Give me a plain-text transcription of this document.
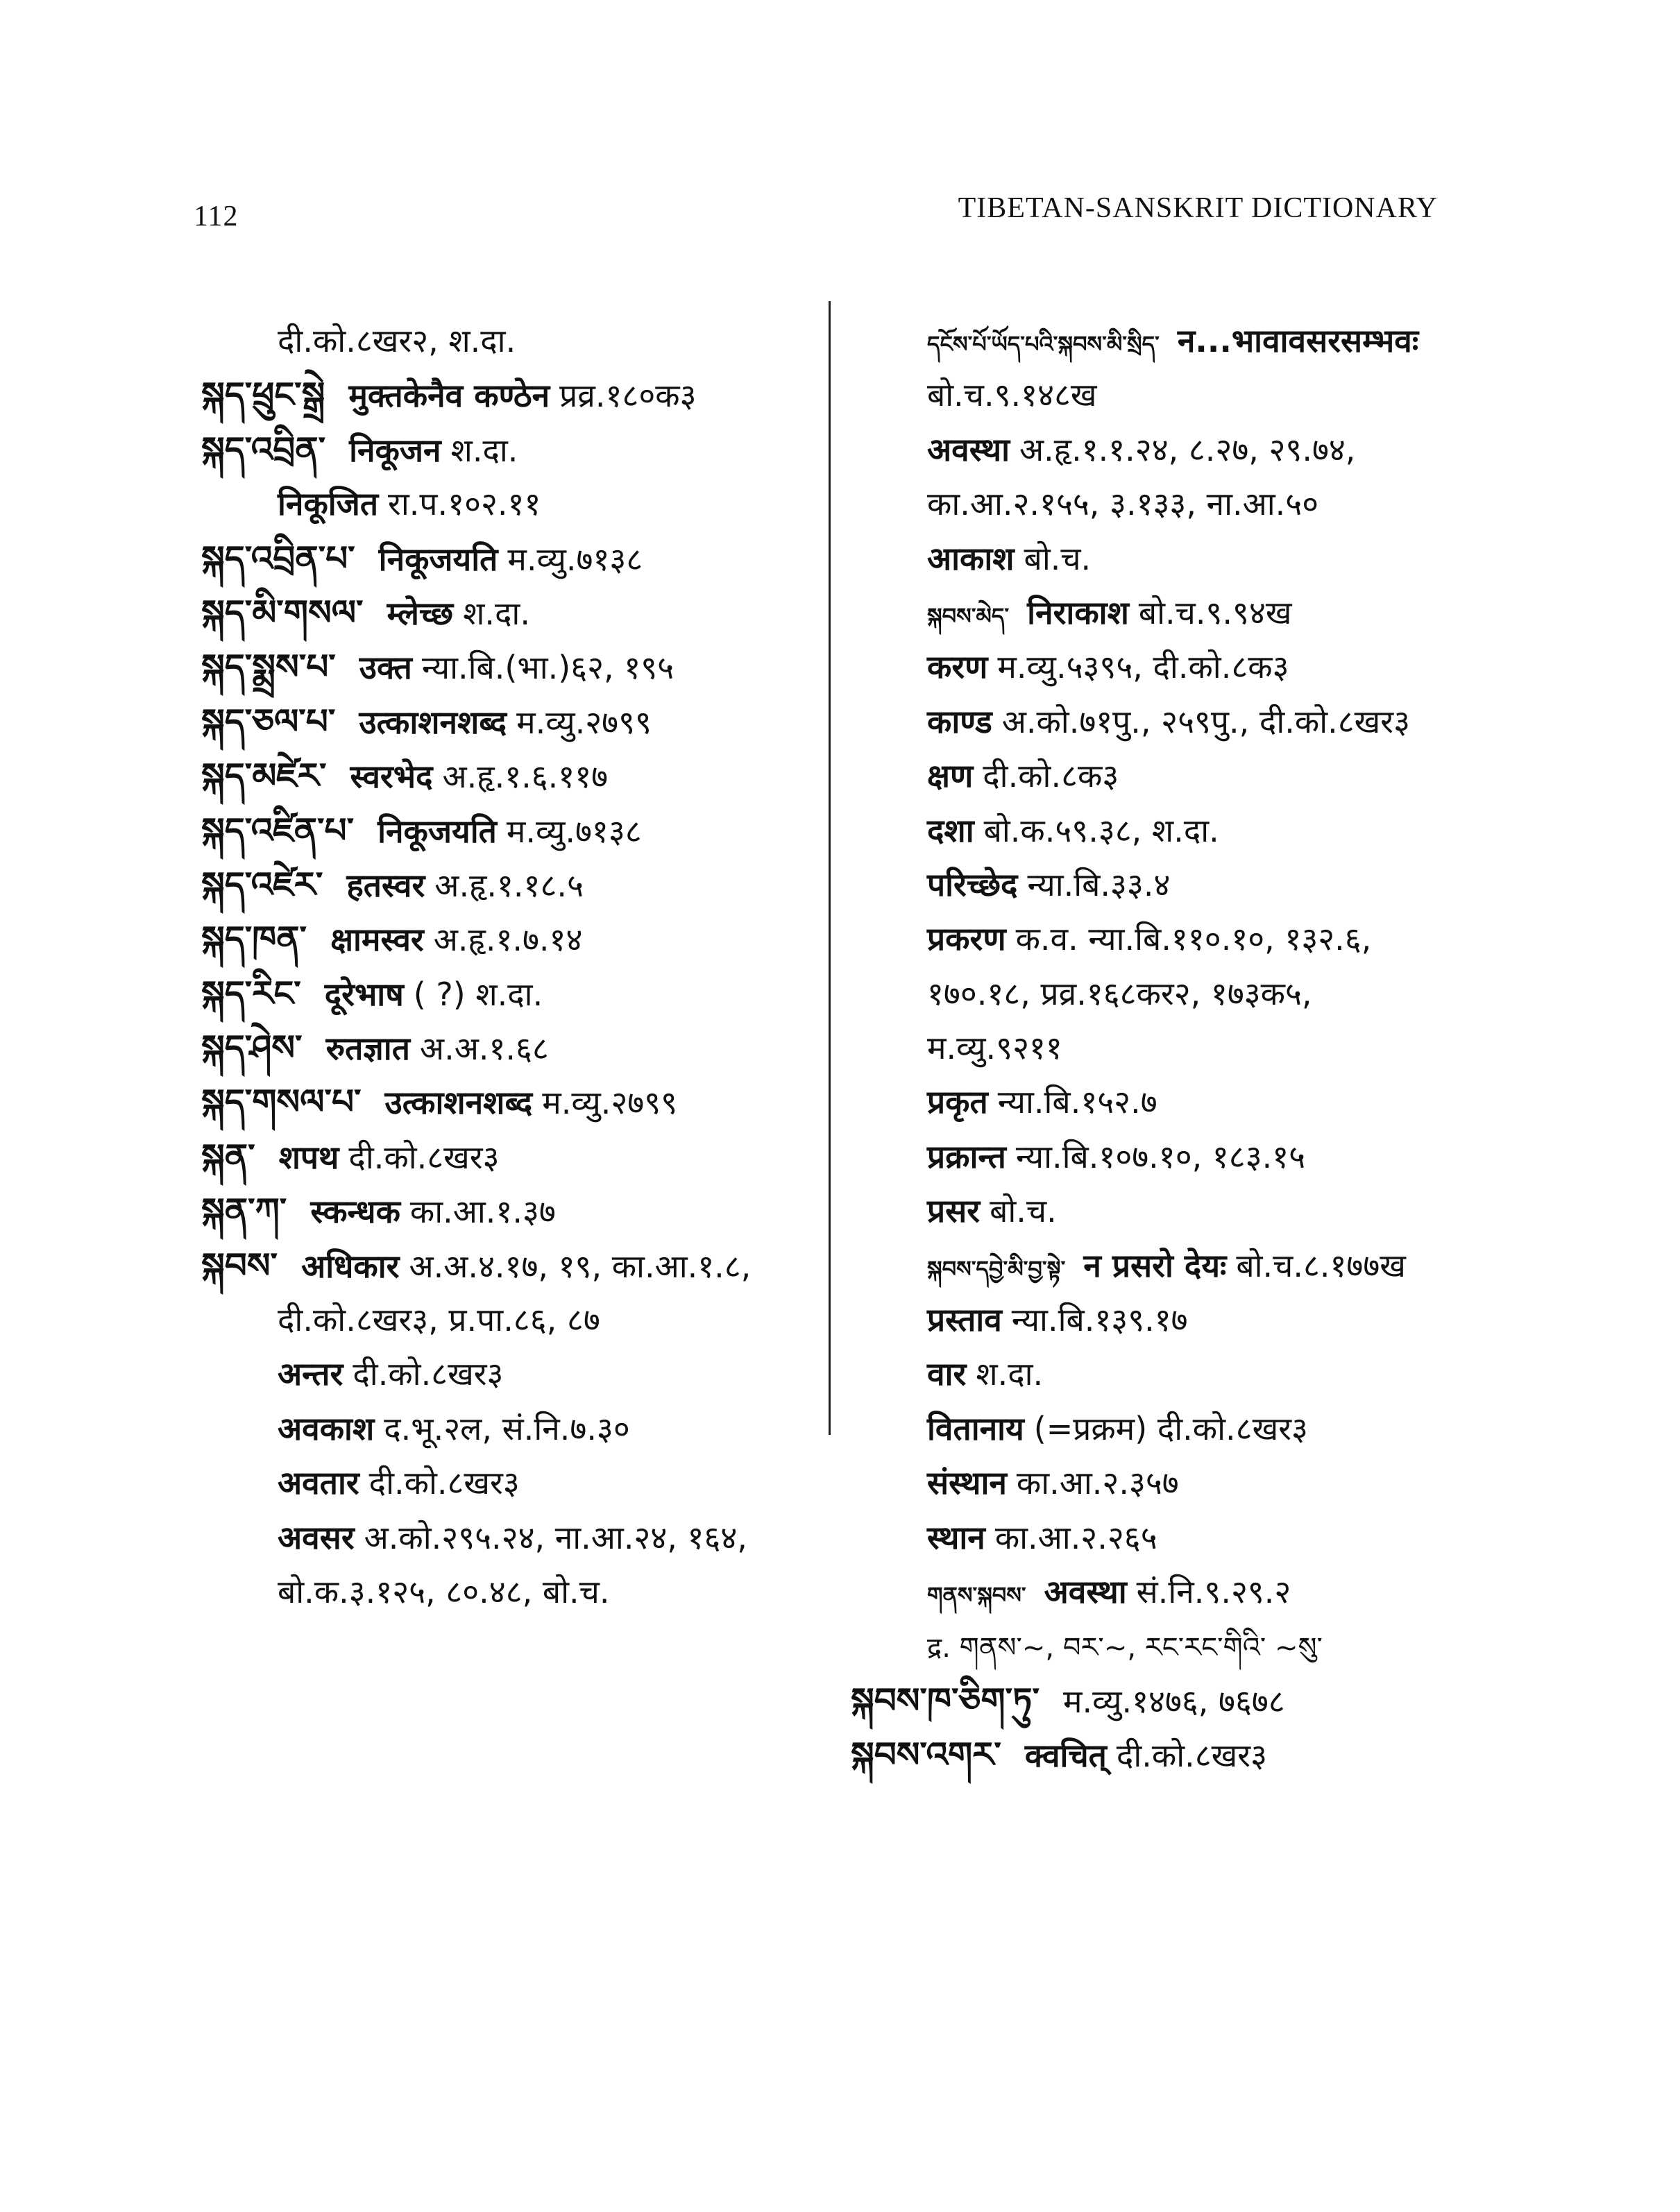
112	TIBETAN-SANSKRIT DICTIONARY
दी.को.८खर२, श.दा.
སྐད་ཕྲུང་སྒྲེ मुक्तकेनैव कण्ठेन प्रव्र.१८०क३
སྐད་འབྲིན་ निकूजन श.दा.
निकूजित रा.प.१०२.११
སྐད་འབྲིན་པ་ निकूजयति म.व्यु.७१३८
སྐད་མི་གསལ་ म्लेच्छ श.दा.
སྐད་སྨྲས་པ་ उक्त न्या.बि.(भा.)६२, १९५
སྐད་ཅལ་པ་ उत्काशनशब्द म.व्यु.२७९९
སྐད་མཛེར་ स्वरभेद अ.हृ.१.६.११७
སྐད་འཛིན་པ་ निकूजयति म.व्यु.७१३८
སྐད་འཛེར་ हतस्वर अ.हृ.१.१८.५
སྐད་ཁན་ क्षामस्वर अ.हृ.१.७.१४
སྐད་རིང་ दूरेभाष ( ?) श.दा.
སྐད་ཤེས་ रुतज्ञात अ.अ.१.६८
སྐད་གསལ་པ་ उत्काशनशब्द म.व्यु.२७९९
སྐན་ शपथ दी.को.८खर३
སྐན་ཀ་ स्कन्धक का.आ.१.३७
སྐབས་ अधिकार अ.अ.४.१७, १९, का.आ.१.८,
दी.को.८खर३, प्र.पा.८६, ८७
अन्तर दी.को.८खर३
अवकाश द.भू.२ल, सं.नि.७.३०
अवतार दी.को.८खर३
अवसर अ.को.२९५.२४, ना.आ.२४, १६४,
बो.क.३.१२५, ८०.४८, बो.च.
དངོས་པོ་ཡོད་པའི་སྐབས་མི་སྲིད་ न...भावावसरसम्भवः
बो.च.९.१४८ख
अवस्था अ.हृ.१.१.२४, ८.२७, २९.७४,
का.आ.२.१५५, ३.१३३, ना.आ.५०
आकाश बो.च.
སྐབས་མེད་ निराकाश बो.च.९.९४ख
करण म.व्यु.५३९५, दी.को.८क३
काण्ड अ.को.७१पु., २५९पु., दी.को.८खर३
क्षण दी.को.८क३
दशा बो.क.५९.३८, श.दा.
परिच्छेद न्या.बि.३३.४
प्रकरण क.व. न्या.बि.११०.१०, १३२.६,
१७०.१८, प्रव्र.१६८कर२, १७३क५,
म.व्यु.९२११
प्रकृत न्या.बि.१५२.७
प्रक्रान्त न्या.बि.१०७.१०, १८३.१५
प्रसर बो.च.
སྐབས་དབྱེ་མི་བྱ་སྟེ་ न प्रसरो देयः बो.च.८.१७७ख
प्रस्ताव न्या.बि.१३९.१७
वार श.दा.
वितानाय (=प्रक्रम) दी.को.८खर३
संस्थान का.आ.२.३५७
स्थान का.आ.२.२६५
གནས་སྐབས་ अवस्था सं.नि.९.२९.२
द्र. གནས་~, བར་~, རང་རང་གིའི་ ~སུ་
སྐབས་ཁ་ཅིག་ཏུ་ म.व्यु.१४७६, ७६७८
སྐབས་འགར་ क्वचित् दी.को.८खर३
